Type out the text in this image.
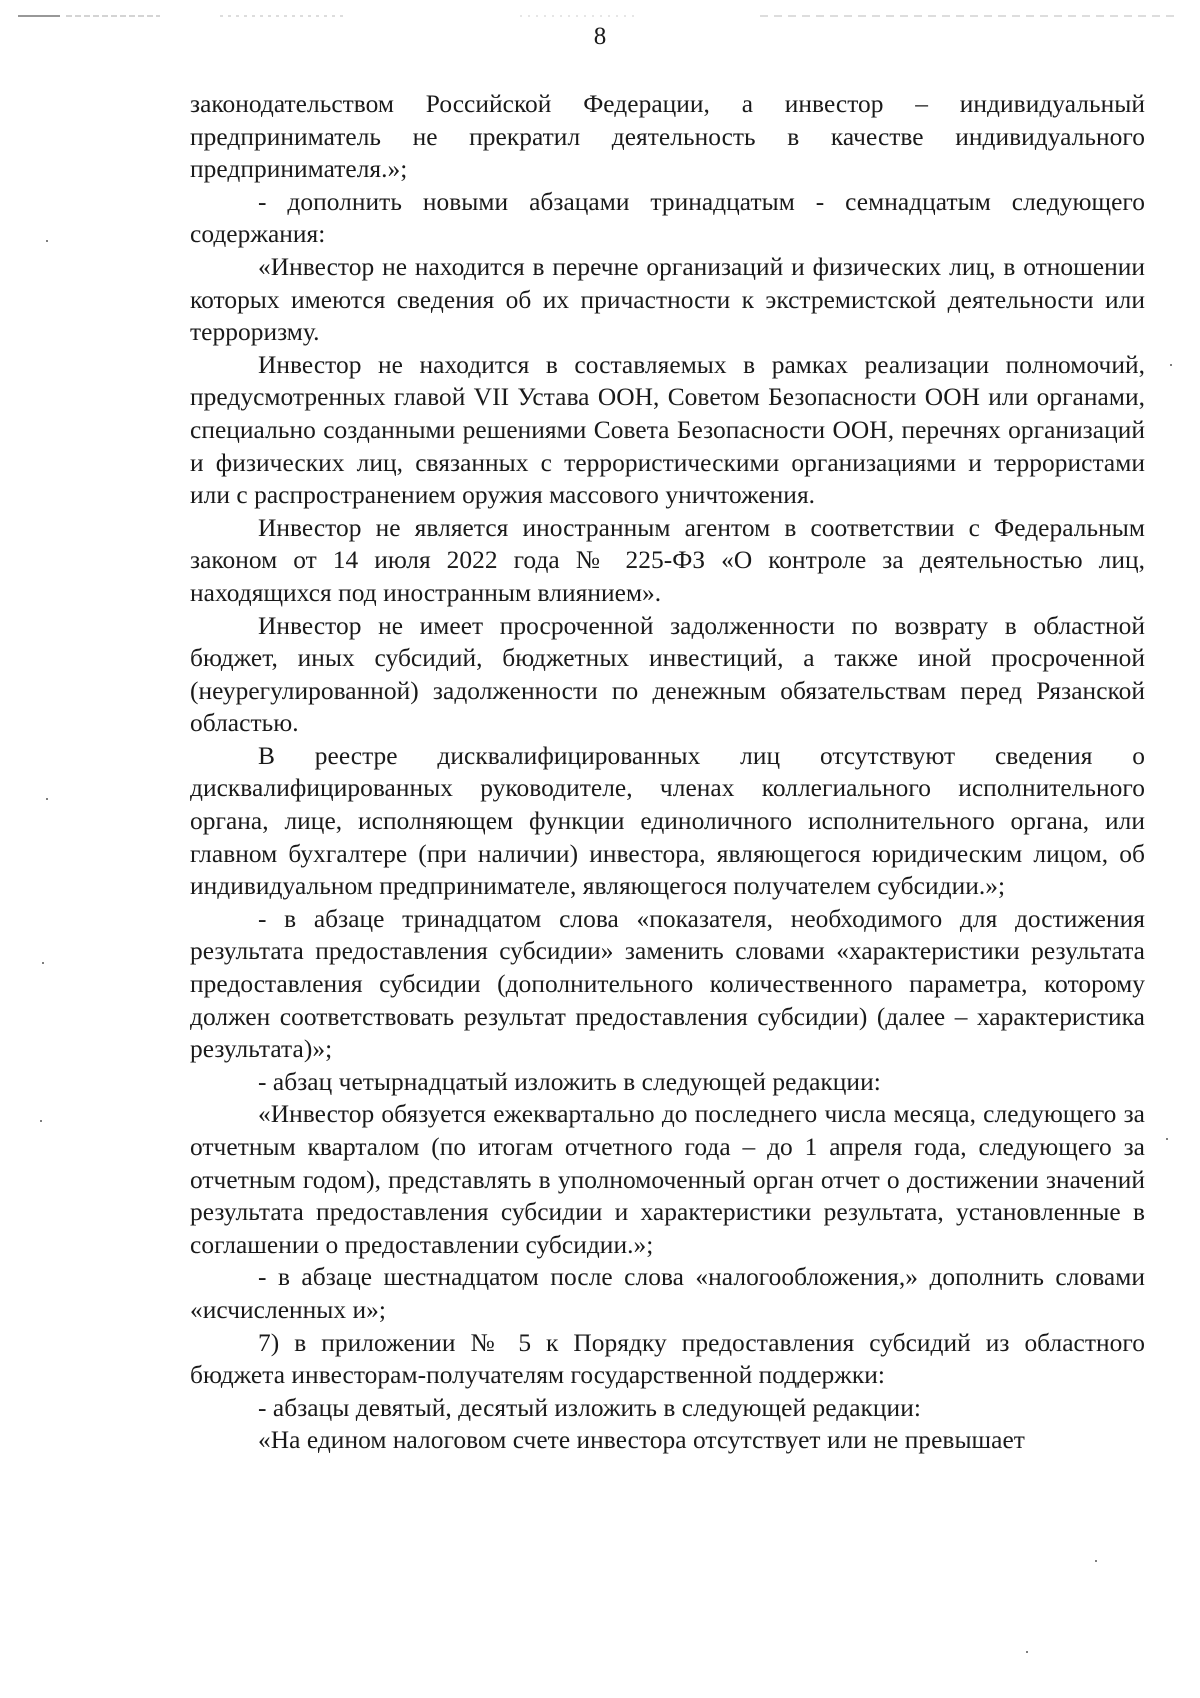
8

законодательством Российской Федерации, а инвестор – индивидуальный предприниматель не прекратил деятельность в качестве индивидуального предпринимателя.»;

- дополнить новыми абзацами тринадцатым - семнадцатым следующего содержания:

«Инвестор не находится в перечне организаций и физических лиц, в отношении которых имеются сведения об их причастности к экстремистской деятельности или терроризму.

Инвестор не находится в составляемых в рамках реализации полномочий, предусмотренных главой VII Устава ООН, Советом Безопасности ООН или органами, специально созданными решениями Совета Безопасности ООН, перечнях организаций и физических лиц, связанных с террористическими организациями и террористами или с распространением оружия массового уничтожения.

Инвестор не является иностранным агентом в соответствии с Федеральным законом от 14 июля 2022 года № 225-ФЗ «О контроле за деятельностью лиц, находящихся под иностранным влиянием».

Инвестор не имеет просроченной задолженности по возврату в областной бюджет, иных субсидий, бюджетных инвестиций, а также иной просроченной (неурегулированной) задолженности по денежным обязательствам перед Рязанской областью.

В реестре дисквалифицированных лиц отсутствуют сведения о дисквалифицированных руководителе, членах коллегиального исполнительного органа, лице, исполняющем функции единоличного исполнительного органа, или главном бухгалтере (при наличии) инвестора, являющегося юридическим лицом, об индивидуальном предпринимателе, являющегося получателем субсидии.»;

- в абзаце тринадцатом слова «показателя, необходимого для достижения результата предоставления субсидии» заменить словами «характеристики результата предоставления субсидии (дополнительного количественного параметра, которому должен соответствовать результат предоставления субсидии) (далее – характеристика результата)»;

- абзац четырнадцатый изложить в следующей редакции:

«Инвестор обязуется ежеквартально до последнего числа месяца, следующего за отчетным кварталом (по итогам отчетного года – до 1 апреля года, следующего за отчетным годом), представлять в уполномоченный орган отчет о достижении значений результата предоставления субсидии и характеристики результата, установленные в соглашении о предоставлении субсидии.»;

- в абзаце шестнадцатом после слова «налогообложения,» дополнить словами «исчисленных и»;

7) в приложении № 5 к Порядку предоставления субсидий из областного бюджета инвесторам-получателям государственной поддержки:

- абзацы девятый, десятый изложить в следующей редакции:

«На едином налоговом счете инвестора отсутствует или не превышает
